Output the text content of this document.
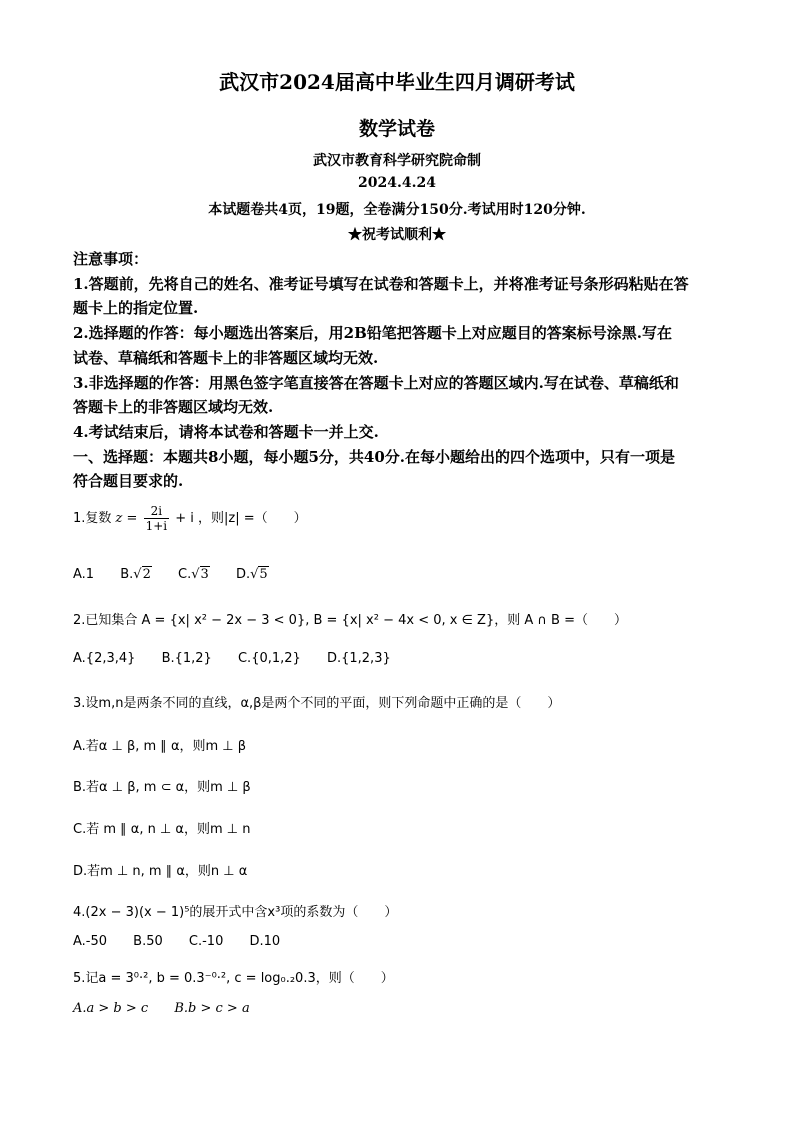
武汉市2024届高中毕业生四月调研考试
数学试卷
武汉市教育科学研究院命制
2024.4.24
本试题卷共4页，19题，全卷满分150分.考试用时120分钟.
★祝考试顺利★
注意事项：
1.答题前，先将自己的姓名、准考证号填写在试卷和答题卡上，并将准考证号条形码粘贴在答
题卡上的指定位置.
2.选择题的作答：每小题选出答案后，用2B铅笔把答题卡上对应题目的答案标号涂黑.写在
试卷、草稿纸和答题卡上的非答题区域均无效.
3.非选择题的作答：用黑色签字笔直接答在答题卡上对应的答题区域内.写在试卷、草稿纸和
答题卡上的非答题区域均无效.
4.考试结束后，请将本试卷和答题卡一并上交.
一、选择题：本题共8小题，每小题5分，共40分.在每小题给出的四个选项中，只有一项是
符合题目要求的.
1.复数 $z = \frac{2i}{1+i} + i$ ，则|z| =（　　）
A.1 B.√2 C.√3 D.√5
2.已知集合 A = {x| x² − 2x − 3 < 0}, B = {x| x² − 4x < 0, x ∈ Z}，则 A ∩ B =（　　）
A.{2,3,4} B.{1,2} C.{0,1,2} D.{1,2,3}
3.设m,n是两条不同的直线，α,β是两个不同的平面，则下列命题中正确的是（　　）
A.若α ⊥ β, m ∥ α，则m ⊥ β
B.若α ⊥ β, m ⊂ α，则m ⊥ β
C.若 m ∥ α, n ⊥ α，则m ⊥ n
D.若m ⊥ n, m ∥ α，则n ⊥ α
4.(2x − 3)(x − 1)⁵的展开式中含x³项的系数为（　　）
A.-50 B.50 C.-10 D.10
5.记a = 3⁰·², b = 0.3⁻⁰·², c = log₀.₂0.3，则（　　）
A.a > b > c B.b > c > a
